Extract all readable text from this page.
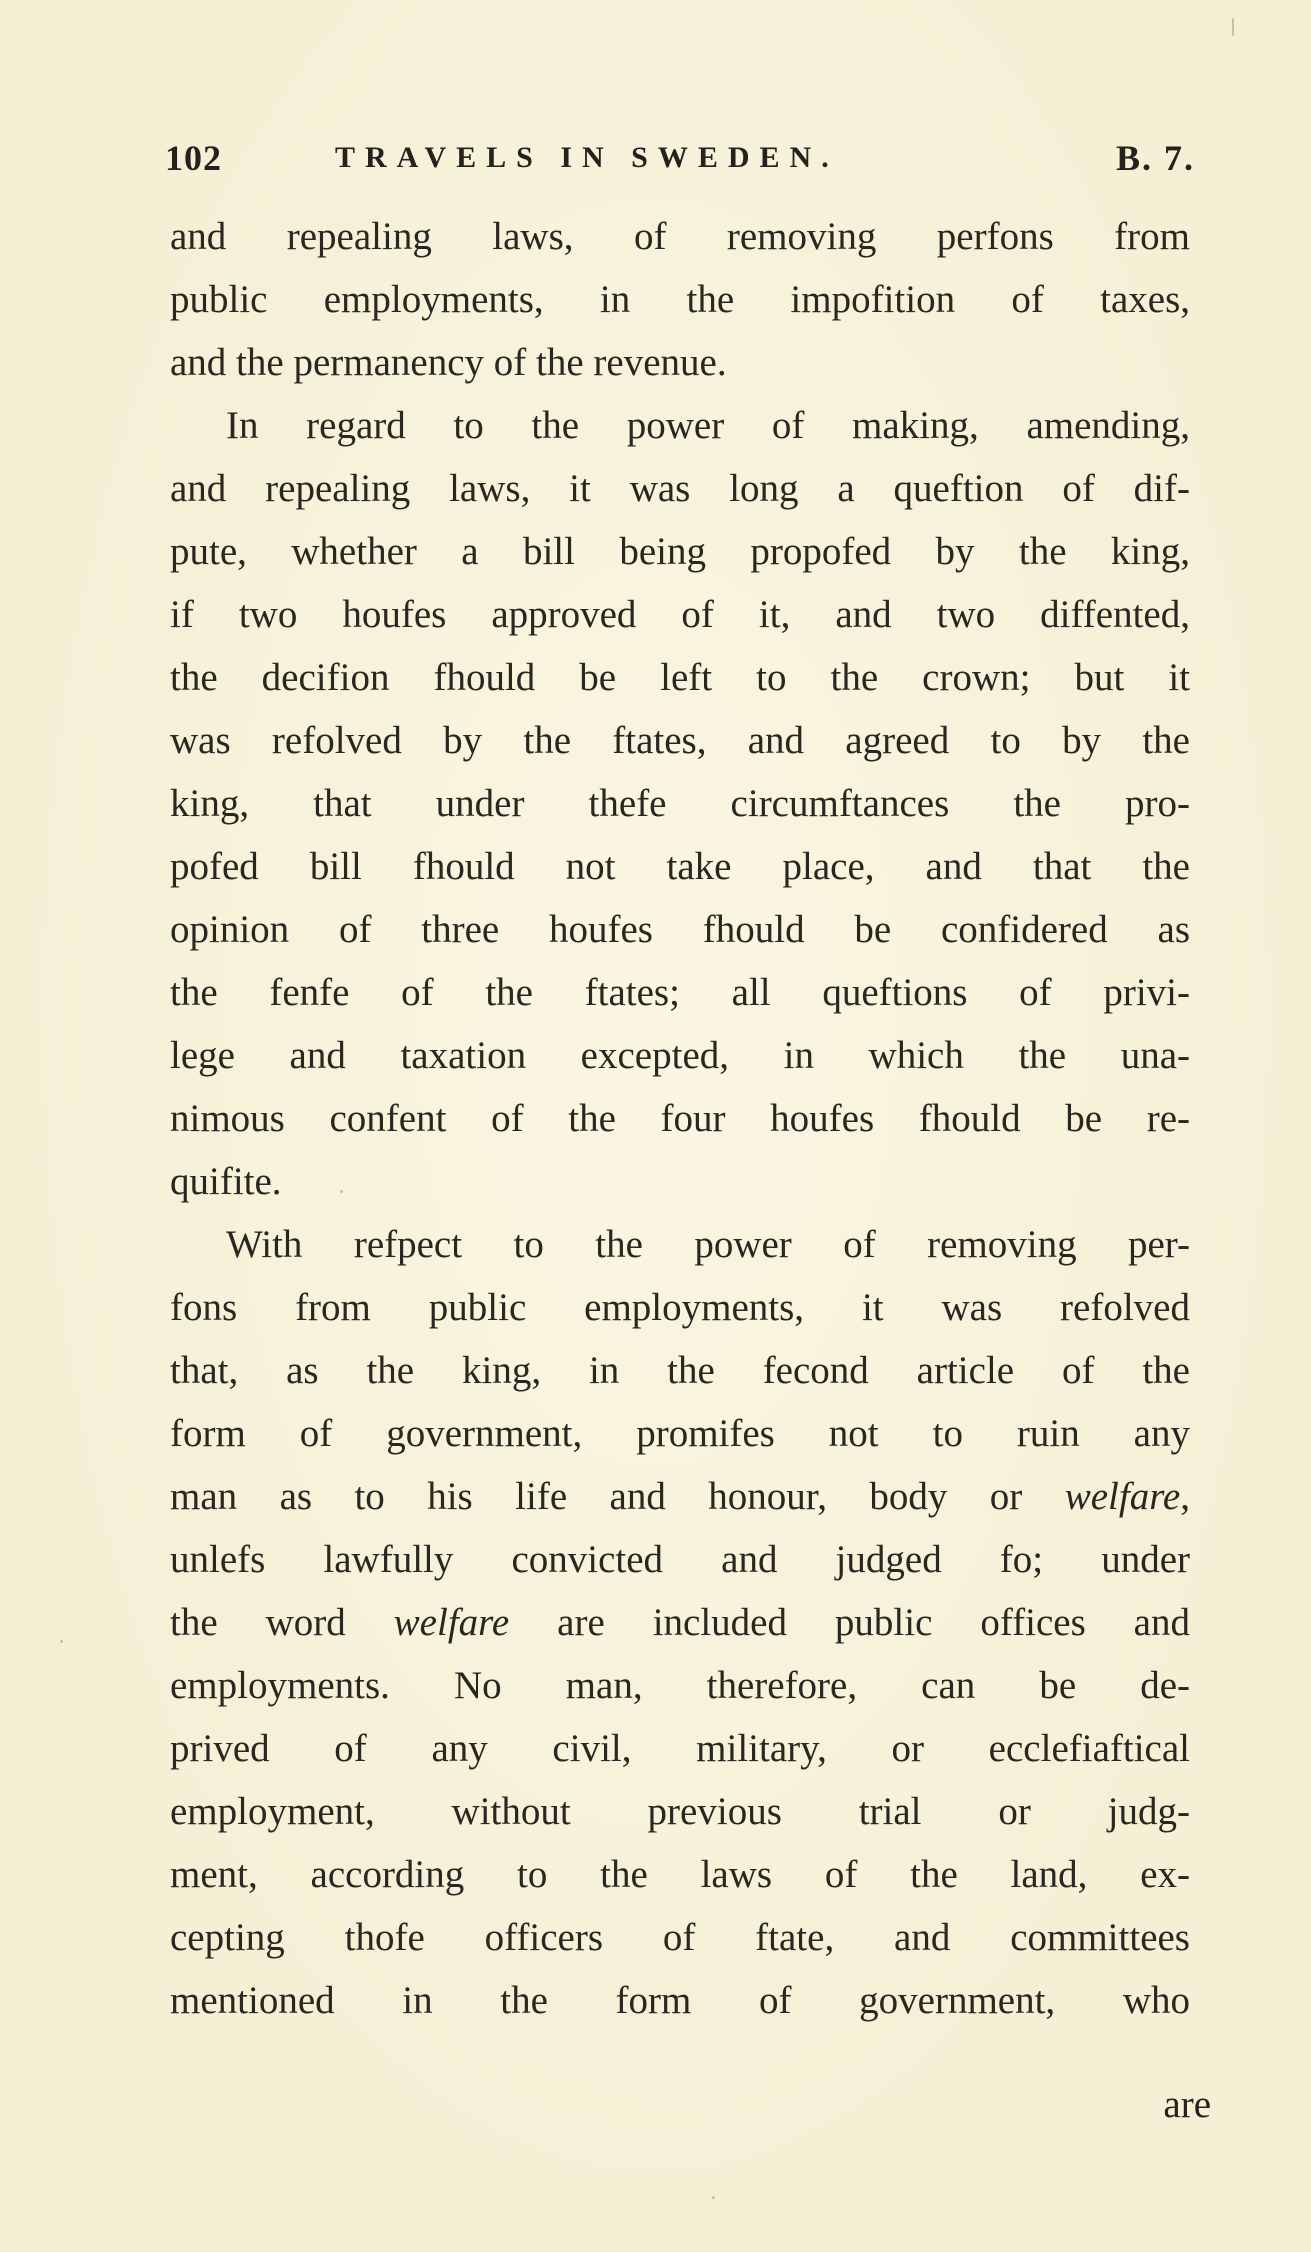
102	TRAVELS IN SWEDEN.	B. 7.
and repealing laws, of removing perfons from
public employments, in the impofition of taxes,
and the permanency of the revenue.
In regard to the power of making, amending,
and repealing laws, it was long a queftion of dif-
pute, whether a bill being propofed by the king,
if two houfes approved of it, and two diffented,
the decifion fhould be left to the crown; but it
was refolved by the ftates, and agreed to by the
king, that under thefe circumftances the pro-
pofed bill fhould not take place, and that the
opinion of three houfes fhould be confidered as
the fenfe of the ftates; all queftions of privi-
lege and taxation excepted, in which the una-
nimous confent of the four houfes fhould be re-
quifite.
With refpect to the power of removing per-
fons from public employments, it was refolved
that, as the king, in the fecond article of the
form of government, promifes not to ruin any
man as to his life and honour, body or welfare,
unlefs lawfully convicted and judged fo; under
the word welfare are included public offices and
employments. No man, therefore, can be de-
prived of any civil, military, or ecclefiaftical
employment, without previous trial or judg-
ment, according to the laws of the land, ex-
cepting thofe officers of ftate, and committees
mentioned in the form of government, who
are
